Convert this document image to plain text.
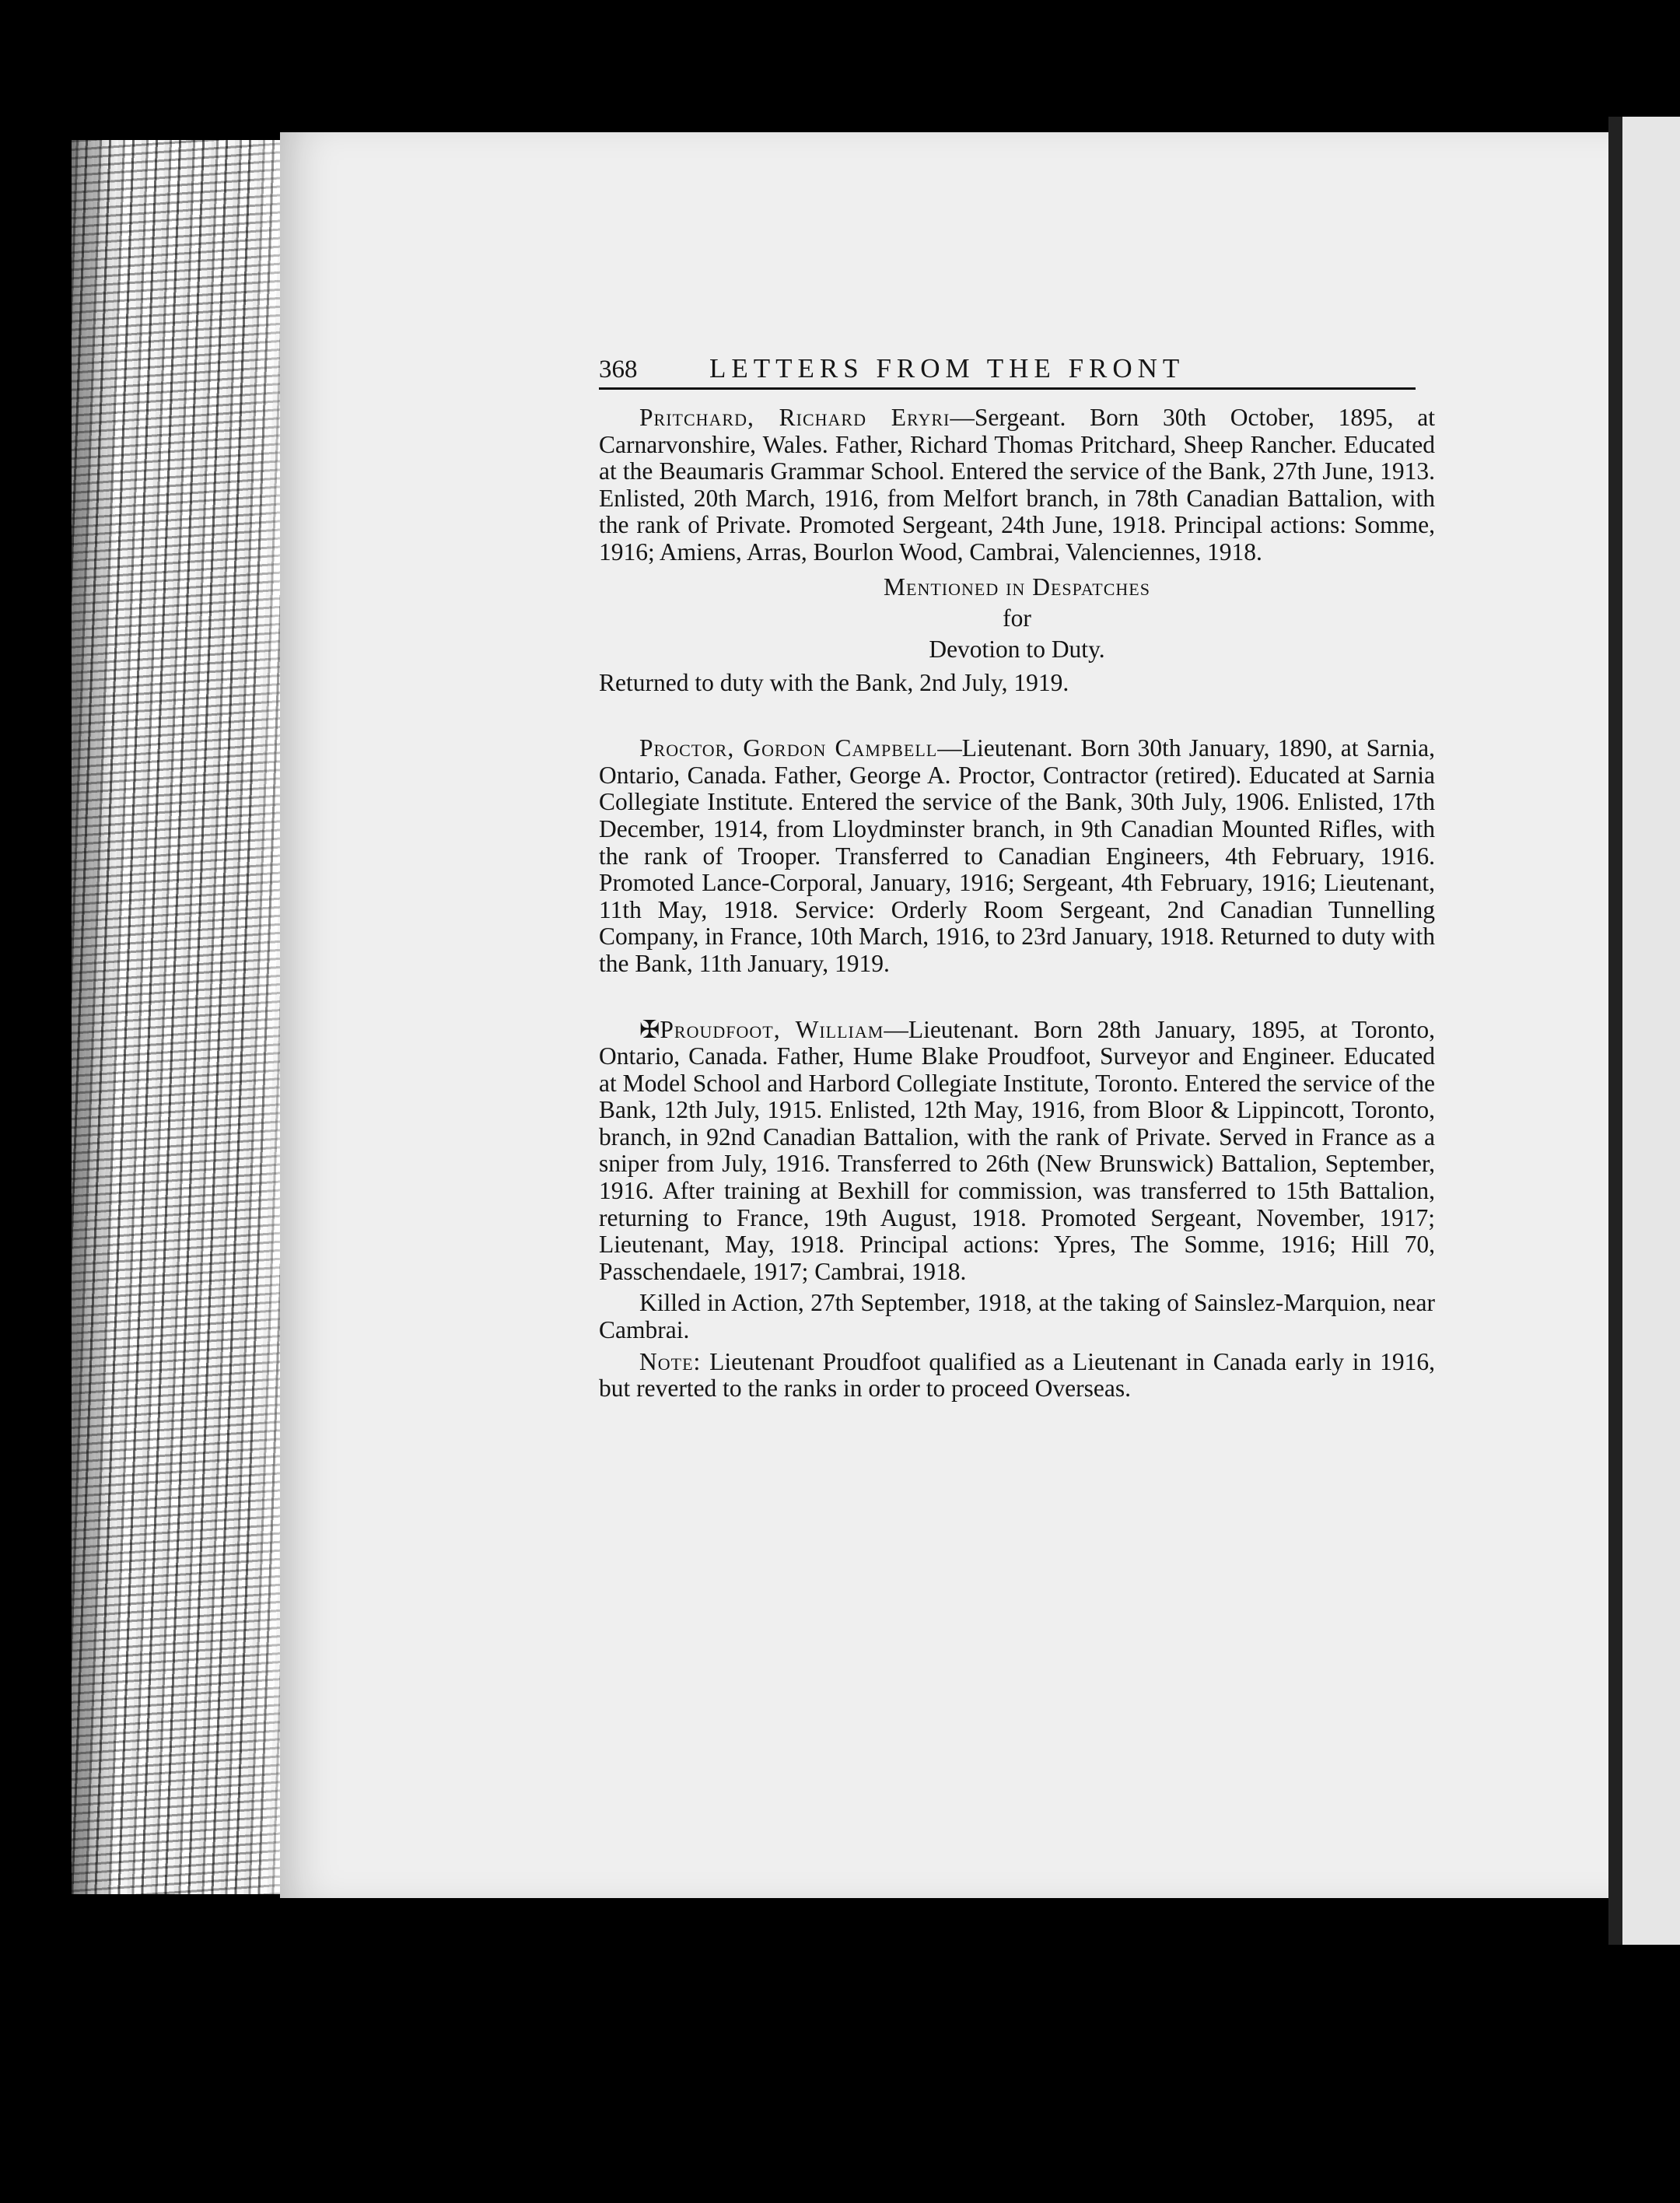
368	LETTERS FROM THE FRONT

Pritchard, Richard Eryri—Sergeant. Born 30th October, 1895, at Carnarvonshire, Wales. Father, Richard Thomas Pritchard, Sheep Rancher. Educated at the Beaumaris Grammar School. Entered the service of the Bank, 27th June, 1913. Enlisted, 20th March, 1916, from Melfort branch, in 78th Canadian Battalion, with the rank of Private. Promoted Sergeant, 24th June, 1918. Principal actions: Somme, 1916; Amiens, Arras, Bourlon Wood, Cambrai, Valenciennes, 1918.

Mentioned in Despatches
for
Devotion to Duty.

Returned to duty with the Bank, 2nd July, 1919.

Proctor, Gordon Campbell—Lieutenant. Born 30th January, 1890, at Sarnia, Ontario, Canada. Father, George A. Proctor, Contractor (retired). Educated at Sarnia Collegiate Institute. Entered the service of the Bank, 30th July, 1906. Enlisted, 17th December, 1914, from Lloydminster branch, in 9th Canadian Mounted Rifles, with the rank of Trooper. Transferred to Canadian Engineers, 4th February, 1916. Promoted Lance-Corporal, January, 1916; Sergeant, 4th February, 1916; Lieutenant, 11th May, 1918. Service: Orderly Room Sergeant, 2nd Canadian Tunnelling Company, in France, 10th March, 1916, to 23rd January, 1918. Returned to duty with the Bank, 11th January, 1919.

✠Proudfoot, William—Lieutenant. Born 28th January, 1895, at Toronto, Ontario, Canada. Father, Hume Blake Proudfoot, Surveyor and Engineer. Educated at Model School and Harbord Collegiate Institute, Toronto. Entered the service of the Bank, 12th July, 1915. Enlisted, 12th May, 1916, from Bloor & Lippincott, Toronto, branch, in 92nd Canadian Battalion, with the rank of Private. Served in France as a sniper from July, 1916. Transferred to 26th (New Brunswick) Battalion, September, 1916. After training at Bexhill for commission, was transferred to 15th Battalion, returning to France, 19th August, 1918. Promoted Sergeant, November, 1917; Lieutenant, May, 1918. Principal actions: Ypres, The Somme, 1916; Hill 70, Passchendaele, 1917; Cambrai, 1918.

Killed in Action, 27th September, 1918, at the taking of Sainslez-Marquion, near Cambrai.

Note: Lieutenant Proudfoot qualified as a Lieutenant in Canada early in 1916, but reverted to the ranks in order to proceed Overseas.
